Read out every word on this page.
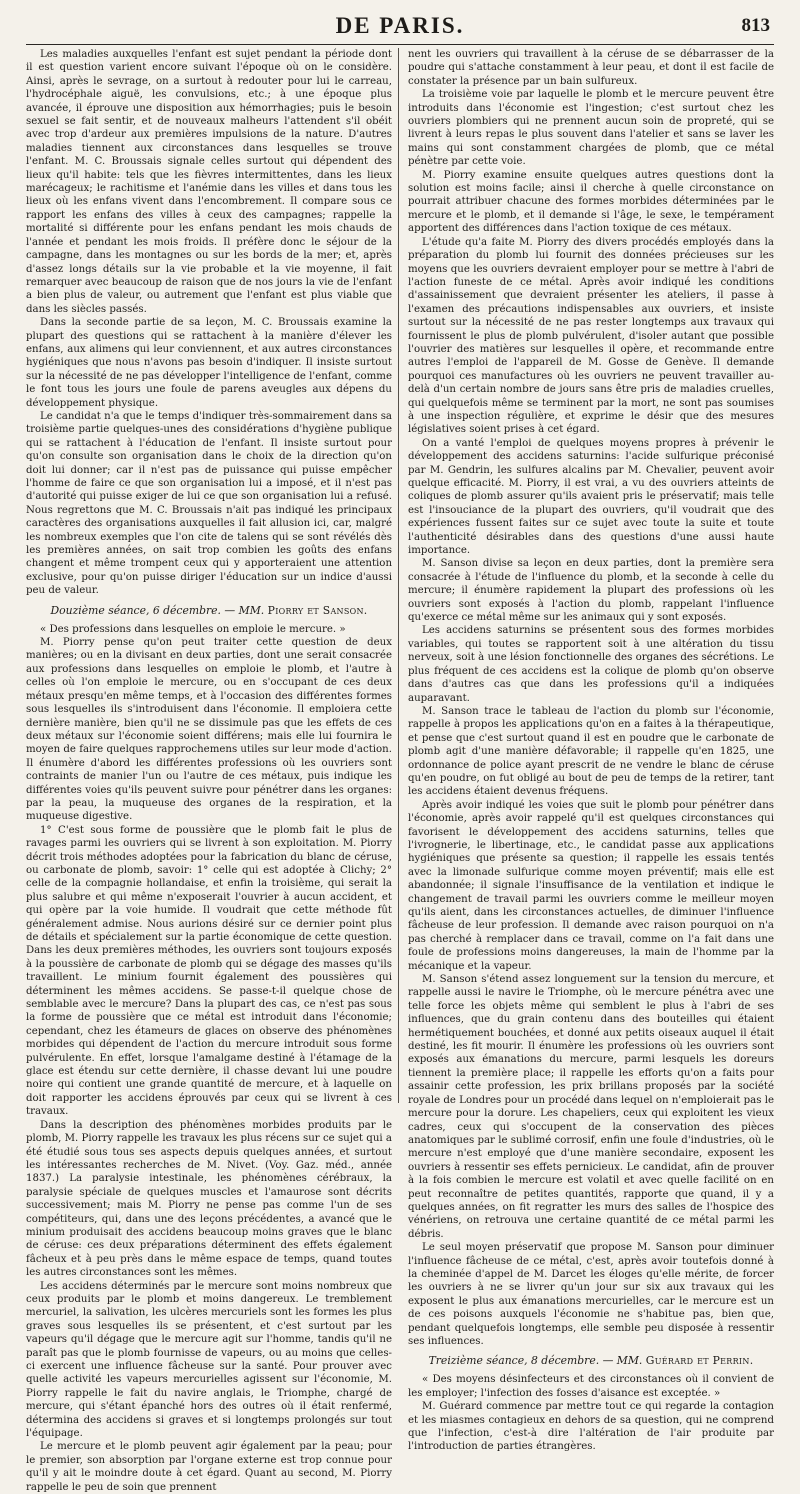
DE PARIS.	813

Les maladies auxquelles l'enfant est sujet pendant la période dont il est question varient encore suivant l'époque où on le considère. Ainsi, après le sevrage, on a surtout à redouter pour lui le carreau, l'hydrocéphale aiguë, les convulsions, etc.; à une époque plus avancée, il éprouve une disposition aux hémorrhagies; puis le besoin sexuel se fait sentir, et de nouveaux malheurs l'attendent s'il obéit avec trop d'ardeur aux premières impulsions de la nature. D'autres maladies tiennent aux circonstances dans lesquelles se trouve l'enfant. M. C. Broussais signale celles surtout qui dépendent des lieux qu'il habite: tels que les fièvres intermittentes, dans les lieux marécageux; le rachitisme et l'anémie dans les villes et dans tous les lieux où les enfans vivent dans l'encombrement. Il compare sous ce rapport les enfans des villes à ceux des campagnes; rappelle la mortalité si différente pour les enfans pendant les mois chauds de l'année et pendant les mois froids. Il préfère donc le séjour de la campagne, dans les montagnes ou sur les bords de la mer; et, après d'assez longs détails sur la vie probable et la vie moyenne, il fait remarquer avec beaucoup de raison que de nos jours la vie de l'enfant a bien plus de valeur, ou autrement que l'enfant est plus viable que dans les siècles passés.

Dans la seconde partie de sa leçon, M. C. Broussais examine la plupart des questions qui se rattachent à la manière d'élever les enfans, aux alimens qui leur conviennent, et aux autres circonstances hygiéniques que nous n'avons pas besoin d'indiquer. Il insiste surtout sur la nécessité de ne pas développer l'intelligence de l'enfant, comme le font tous les jours une foule de parens aveugles aux dépens du développement physique.

Le candidat n'a que le temps d'indiquer très-sommairement dans sa troisième partie quelques-unes des considérations d'hygiène publique qui se rattachent à l'éducation de l'enfant. Il insiste surtout pour qu'on consulte son organisation dans le choix de la direction qu'on doit lui donner; car il n'est pas de puissance qui puisse empêcher l'homme de faire ce que son organisation lui a imposé, et il n'est pas d'autorité qui puisse exiger de lui ce que son organisation lui a refusé. Nous regrettons que M. C. Broussais n'ait pas indiqué les principaux caractères des organisations auxquelles il fait allusion ici, car, malgré les nombreux exemples que l'on cite de talens qui se sont révélés dès les premières années, on sait trop combien les goûts des enfans changent et même trompent ceux qui y apporteraient une attention exclusive, pour qu'on puisse diriger l'éducation sur un indice d'aussi peu de valeur.

Douzième séance, 6 décembre. — MM. Piorry et Sanson.

« Des professions dans lesquelles on emploie le mercure. »

M. Piorry pense qu'on peut traiter cette question de deux manières; ou en la divisant en deux parties, dont une serait consacrée aux professions dans lesquelles on emploie le plomb, et l'autre à celles où l'on emploie le mercure, ou en s'occupant de ces deux métaux presqu'en même temps, et à l'occasion des différentes formes sous lesquelles ils s'introduisent dans l'économie. Il emploiera cette dernière manière, bien qu'il ne se dissimule pas que les effets de ces deux métaux sur l'économie soient différens; mais elle lui fournira le moyen de faire quelques rapprochemens utiles sur leur mode d'action. Il énumère d'abord les différentes professions où les ouvriers sont contraints de manier l'un ou l'autre de ces métaux, puis indique les différentes voies qu'ils peuvent suivre pour pénétrer dans les organes: par la peau, la muqueuse des organes de la respiration, et la muqueuse digestive.

1° C'est sous forme de poussière que le plomb fait le plus de ravages parmi les ouvriers qui se livrent à son exploitation. M. Piorry décrit trois méthodes adoptées pour la fabrication du blanc de céruse, ou carbonate de plomb, savoir: 1° celle qui est adoptée à Clichy; 2° celle de la compagnie hollandaise, et enfin la troisième, qui serait la plus salubre et qui même n'exposerait l'ouvrier à aucun accident, et qui opère par la voie humide. Il voudrait que cette méthode fût généralement admise. Nous aurions désiré sur ce dernier point plus de détails et spécialement sur la partie économique de cette question. Dans les deux premières méthodes, les ouvriers sont toujours exposés à la poussière de carbonate de plomb qui se dégage des masses qu'ils travaillent. Le minium fournit également des poussières qui déterminent les mêmes accidens. Se passe-t-il quelque chose de semblable avec le mercure? Dans la plupart des cas, ce n'est pas sous la forme de poussière que ce métal est introduit dans l'économie; cependant, chez les étameurs de glaces on observe des phénomènes morbides qui dépendent de l'action du mercure introduit sous forme pulvérulente. En effet, lorsque l'amalgame destiné à l'étamage de la glace est étendu sur cette dernière, il chasse devant lui une poudre noire qui contient une grande quantité de mercure, et à laquelle on doit rapporter les accidens éprouvés par ceux qui se livrent à ces travaux.

Dans la description des phénomènes morbides produits par le plomb, M. Piorry rappelle les travaux les plus récens sur ce sujet qui a été étudié sous tous ses aspects depuis quelques années, et surtout les intéressantes recherches de M. Nivet. (Voy. Gaz. méd., année 1837.) La paralysie intestinale, les phénomènes cérébraux, la paralysie spéciale de quelques muscles et l'amaurose sont décrits successivement; mais M. Piorry ne pense pas comme l'un de ses compétiteurs, qui, dans une des leçons précédentes, a avancé que le minium produisait des accidens beaucoup moins graves que le blanc de céruse: ces deux préparations déterminent des effets également fâcheux et à peu près dans le même espace de temps, quand toutes les autres circonstances sont les mêmes.

Les accidens déterminés par le mercure sont moins nombreux que ceux produits par le plomb et moins dangereux. Le tremblement mercuriel, la salivation, les ulcères mercuriels sont les formes les plus graves sous lesquelles ils se présentent, et c'est surtout par les vapeurs qu'il dégage que le mercure agit sur l'homme, tandis qu'il ne paraît pas que le plomb fournisse de vapeurs, ou au moins que celles-ci exercent une influence fâcheuse sur la santé. Pour prouver avec quelle activité les vapeurs mercurielles agissent sur l'économie, M. Piorry rappelle le fait du navire anglais, le Triomphe, chargé de mercure, qui s'étant épanché hors des outres où il était renfermé, détermina des accidens si graves et si longtemps prolongés sur tout l'équipage.

Le mercure et le plomb peuvent agir également par la peau; pour le premier, son absorption par l'organe externe est trop connue pour qu'il y ait le moindre doute à cet égard. Quant au second, M. Piorry rappelle le peu de soin que prennent

nent les ouvriers qui travaillent à la céruse de se débarrasser de la poudre qui s'attache constamment à leur peau, et dont il est facile de constater la présence par un bain sulfureux.

La troisième voie par laquelle le plomb et le mercure peuvent être introduits dans l'économie est l'ingestion; c'est surtout chez les ouvriers plombiers qui ne prennent aucun soin de propreté, qui se livrent à leurs repas le plus souvent dans l'atelier et sans se laver les mains qui sont constamment chargées de plomb, que ce métal pénètre par cette voie.

M. Piorry examine ensuite quelques autres questions dont la solution est moins facile; ainsi il cherche à quelle circonstance on pourrait attribuer chacune des formes morbides déterminées par le mercure et le plomb, et il demande si l'âge, le sexe, le tempérament apportent des différences dans l'action toxique de ces métaux.

L'étude qu'a faite M. Piorry des divers procédés employés dans la préparation du plomb lui fournit des données précieuses sur les moyens que les ouvriers devraient employer pour se mettre à l'abri de l'action funeste de ce métal. Après avoir indiqué les conditions d'assainissement que devraient présenter les ateliers, il passe à l'examen des précautions indispensables aux ouvriers, et insiste surtout sur la nécessité de ne pas rester longtemps aux travaux qui fournissent le plus de plomb pulvérulent, d'isoler autant que possible l'ouvrier des matières sur lesquelles il opère, et recommande entre autres l'emploi de l'appareil de M. Gosse de Genève. Il demande pourquoi ces manufactures où les ouvriers ne peuvent travailler au-delà d'un certain nombre de jours sans être pris de maladies cruelles, qui quelquefois même se terminent par la mort, ne sont pas soumises à une inspection régulière, et exprime le désir que des mesures législatives soient prises à cet égard.

On a vanté l'emploi de quelques moyens propres à prévenir le développement des accidens saturnins: l'acide sulfurique préconisé par M. Gendrin, les sulfures alcalins par M. Chevalier, peuvent avoir quelque efficacité. M. Piorry, il est vrai, a vu des ouvriers atteints de coliques de plomb assurer qu'ils avaient pris le préservatif; mais telle est l'insouciance de la plupart des ouvriers, qu'il voudrait que des expériences fussent faites sur ce sujet avec toute la suite et toute l'authenticité désirables dans des questions d'une aussi haute importance.

M. Sanson divise sa leçon en deux parties, dont la première sera consacrée à l'étude de l'influence du plomb, et la seconde à celle du mercure; il énumère rapidement la plupart des professions où les ouvriers sont exposés à l'action du plomb, rappelant l'influence qu'exerce ce métal même sur les animaux qui y sont exposés.

Les accidens saturnins se présentent sous des formes morbides variables, qui toutes se rapportent soit à une altération du tissu nerveux, soit à une lésion fonctionnelle des organes des sécrétions. Le plus fréquent de ces accidens est la colique de plomb qu'on observe dans d'autres cas que dans les professions qu'il a indiquées auparavant.

M. Sanson trace le tableau de l'action du plomb sur l'économie, rappelle à propos les applications qu'on en a faites à la thérapeutique, et pense que c'est surtout quand il est en poudre que le carbonate de plomb agit d'une manière défavorable; il rappelle qu'en 1825, une ordonnance de police ayant prescrit de ne vendre le blanc de céruse qu'en poudre, on fut obligé au bout de peu de temps de la retirer, tant les accidens étaient devenus fréquens.

Après avoir indiqué les voies que suit le plomb pour pénétrer dans l'économie, après avoir rappelé qu'il est quelques circonstances qui favorisent le développement des accidens saturnins, telles que l'ivrognerie, le libertinage, etc., le candidat passe aux applications hygiéniques que présente sa question; il rappelle les essais tentés avec la limonade sulfurique comme moyen préventif; mais elle est abandonnée; il signale l'insuffisance de la ventilation et indique le changement de travail parmi les ouvriers comme le meilleur moyen qu'ils aient, dans les circonstances actuelles, de diminuer l'influence fâcheuse de leur profession. Il demande avec raison pourquoi on n'a pas cherché à remplacer dans ce travail, comme on l'a fait dans une foule de professions moins dangereuses, la main de l'homme par la mécanique et la vapeur.

M. Sanson s'étend assez longuement sur la tension du mercure, et rappelle aussi le navire le Triomphe, où le mercure pénétra avec une telle force les objets même qui semblent le plus à l'abri de ses influences, que du grain contenu dans des bouteilles qui étaient hermétiquement bouchées, et donné aux petits oiseaux auquel il était destiné, les fit mourir. Il énumère les professions où les ouvriers sont exposés aux émanations du mercure, parmi lesquels les doreurs tiennent la première place; il rappelle les efforts qu'on a faits pour assainir cette profession, les prix brillans proposés par la société royale de Londres pour un procédé dans lequel on n'emploierait pas le mercure pour la dorure. Les chapeliers, ceux qui exploitent les vieux cadres, ceux qui s'occupent de la conservation des pièces anatomiques par le sublimé corrosif, enfin une foule d'industries, où le mercure n'est employé que d'une manière secondaire, exposent les ouvriers à ressentir ses effets pernicieux. Le candidat, afin de prouver à la fois combien le mercure est volatil et avec quelle facilité on en peut reconnaître de petites quantités, rapporte que quand, il y a quelques années, on fit regratter les murs des salles de l'hospice des vénériens, on retrouva une certaine quantité de ce métal parmi les débris.

Le seul moyen préservatif que propose M. Sanson pour diminuer l'influence fâcheuse de ce métal, c'est, après avoir toutefois donné à la cheminée d'appel de M. Darcet les éloges qu'elle mérite, de forcer les ouvriers à ne se livrer qu'un jour sur six aux travaux qui les exposent le plus aux émanations mercurielles, car le mercure est un de ces poisons auxquels l'économie ne s'habitue pas, bien que, pendant quelquefois longtemps, elle semble peu disposée à ressentir ses influences.

Treizième séance, 8 décembre. — MM. Guérard et Perrin.

« Des moyens désinfecteurs et des circonstances où il convient de les employer; l'infection des fosses d'aisance est exceptée. »

M. Guérard commence par mettre tout ce qui regarde la contagion et les miasmes contagieux en dehors de sa question, qui ne comprend que l'infection, c'est-à dire l'altération de l'air produite par l'introduction de parties étrangères.
